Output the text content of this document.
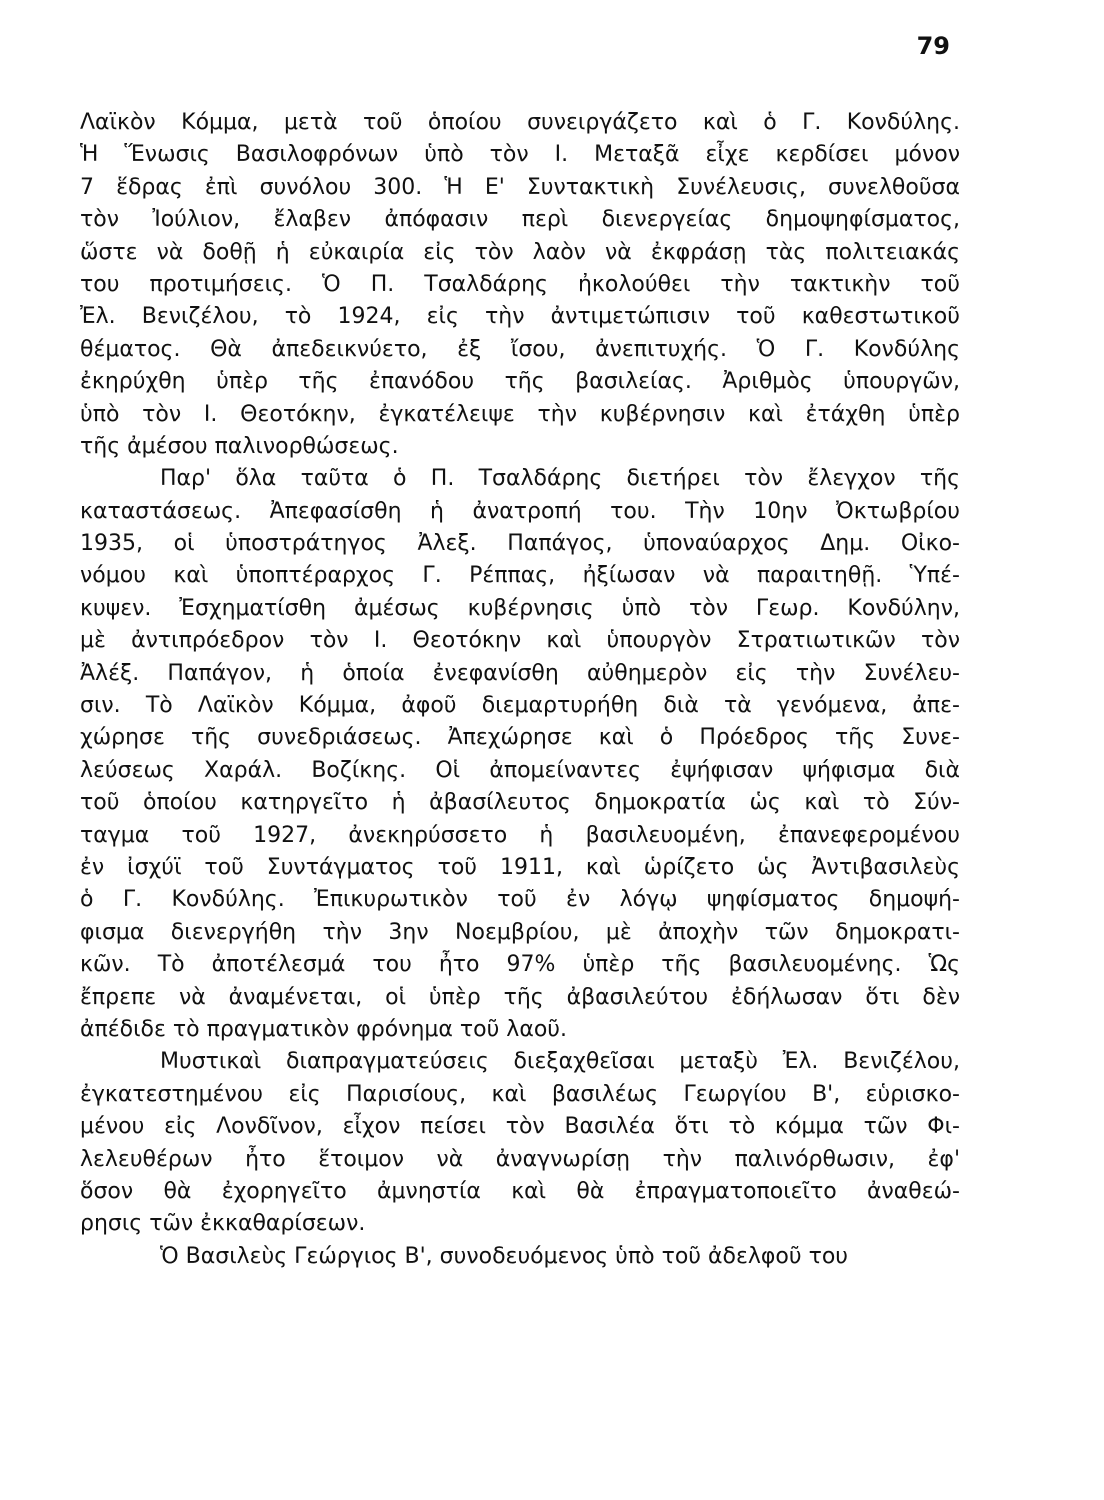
79
Λαϊκὸν Κόμμα, μετὰ τοῦ ὁποίου συνειργάζετο καὶ ὁ Γ. Κονδύλης.
Ἡ Ἕνωσις Βασιλοφρόνων ὑπὸ τὸν Ι. Μεταξᾶ εἶχε κερδίσει μόνον
7 ἕδρας ἐπὶ συνόλου 300. Ἡ Ε' Συντακτικὴ Συνέλευσις, συνελθοῦσα
τὸν Ἰούλιον, ἔλαβεν ἀπόφασιν περὶ διενεργείας δημοψηφίσματος,
ὥστε νὰ δοθῇ ἡ εὐκαιρία εἰς τὸν λαὸν νὰ ἐκφράσῃ τὰς πολιτειακάς
του προτιμήσεις. Ὁ Π. Τσαλδάρης ἠκολούθει τὴν τακτικὴν τοῦ
Ἐλ. Βενιζέλου, τὸ 1924, εἰς τὴν ἀντιμετώπισιν τοῦ καθεστωτικοῦ
θέματος. Θὰ ἀπεδεικνύετο, ἐξ ἴσου, ἀνεπιτυχής. Ὁ Γ. Κονδύλης
ἐκηρύχθη ὑπὲρ τῆς ἐπανόδου τῆς βασιλείας. Ἀριθμὸς ὑπουργῶν,
ὑπὸ τὸν Ι. Θεοτόκην, ἐγκατέλειψε τὴν κυβέρνησιν καὶ ἐτάχθη ὑπὲρ
τῆς ἀμέσου παλινορθώσεως.
Παρ' ὅλα ταῦτα ὁ Π. Τσαλδάρης διετήρει τὸν ἔλεγχον τῆς
καταστάσεως. Ἀπεφασίσθη ἡ ἀνατροπή του. Τὴν 10ην Ὀκτωβρίου
1935, οἱ ὑποστράτηγος Ἀλεξ. Παπάγος, ὑποναύαρχος Δημ. Οἰκο-
νόμου καὶ ὑποπτέραρχος Γ. Ρέππας, ἠξίωσαν νὰ παραιτηθῇ. Ὑπέ-
κυψεν. Ἐσχηματίσθη ἀμέσως κυβέρνησις ὑπὸ τὸν Γεωρ. Κονδύλην,
μὲ ἀντιπρόεδρον τὸν Ι. Θεοτόκην καὶ ὑπουργὸν Στρατιωτικῶν τὸν
Ἀλέξ. Παπάγον, ἡ ὁποία ἐνεφανίσθη αὐθημερὸν εἰς τὴν Συνέλευ-
σιν. Τὸ Λαϊκὸν Κόμμα, ἀφοῦ διεμαρτυρήθη διὰ τὰ γενόμενα, ἀπε-
χώρησε τῆς συνεδριάσεως. Ἀπεχώρησε καὶ ὁ Πρόεδρος τῆς Συνε-
λεύσεως Χαράλ. Βοζίκης. Οἱ ἀπομείναντες ἐψήφισαν ψήφισμα διὰ
τοῦ ὁποίου κατηργεῖτο ἡ ἀβασίλευτος δημοκρατία ὡς καὶ τὸ Σύν-
ταγμα τοῦ 1927, ἀνεκηρύσσετο ἡ βασιλευομένη, ἐπανεφερομένου
ἐν ἰσχύϊ τοῦ Συντάγματος τοῦ 1911, καὶ ὡρίζετο ὡς Ἀντιβασιλεὺς
ὁ Γ. Κονδύλης. Ἐπικυρωτικὸν τοῦ ἐν λόγῳ ψηφίσματος δημοψή-
φισμα διενεργήθη τὴν 3ην Νοεμβρίου, μὲ ἀποχὴν τῶν δημοκρατι-
κῶν. Τὸ ἀποτέλεσμά του ἦτο 97% ὑπὲρ τῆς βασιλευομένης. Ὡς
ἔπρεπε νὰ ἀναμένεται, οἱ ὑπὲρ τῆς ἀβασιλεύτου ἐδήλωσαν ὅτι δὲν
ἀπέδιδε τὸ πραγματικὸν φρόνημα τοῦ λαοῦ.
Μυστικαὶ διαπραγματεύσεις διεξαχθεῖσαι μεταξὺ Ἐλ. Βενιζέλου,
ἐγκατεστημένου εἰς Παρισίους, καὶ βασιλέως Γεωργίου Β', εὑρισκο-
μένου εἰς Λονδῖνον, εἶχον πείσει τὸν Βασιλέα ὅτι τὸ κόμμα τῶν Φι-
λελευθέρων ἦτο ἕτοιμον νὰ ἀναγνωρίσῃ τὴν παλινόρθωσιν, ἐφ'
ὅσον θὰ ἐχορηγεῖτο ἀμνηστία καὶ θὰ ἐπραγματοποιεῖτο ἀναθεώ-
ρησις τῶν ἐκκαθαρίσεων.
Ὁ Βασιλεὺς Γεώργιος Β', συνοδευόμενος ὑπὸ τοῦ ἀδελφοῦ του
